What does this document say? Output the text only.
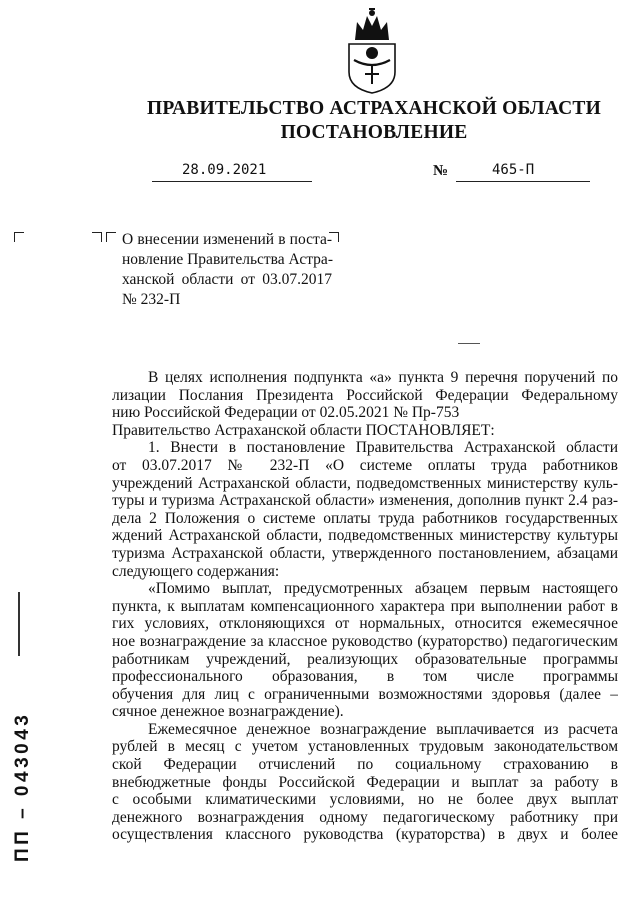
ПРАВИТЕЛЬСТВО АСТРАХАНСКОЙ ОБЛАСТИ
ПОСТАНОВЛЕНИЕ
28.09.2021	№	465-П
О внесении изменений в поста-
новление Правительства Астра-
ханской области от 03.07.2017
№ 232-П
В целях исполнения подпункта «а» пункта 9 перечня поручений по
лизации Послания Президента Российской Федерации Федеральному
нию Российской Федерации от 02.05.2021 № Пр-753
Правительство Астраханской области ПОСТАНОВЛЯЕТ:
1. Внести в постановление Правительства Астраханской области
от 03.07.2017 № 232-П «О системе оплаты труда работников
учреждений Астраханской области, подведомственных министерству куль-
туры и туризма Астраханской области» изменения, дополнив пункт 2.4 раз-
дела 2 Положения о системе оплаты труда работников государственных
ждений Астраханской области, подведомственных министерству культуры
туризма Астраханской области, утвержденного постановлением, абзацами
следующего содержания:
«Помимо выплат, предусмотренных абзацем первым настоящего
пункта, к выплатам компенсационного характера при выполнении работ в
гих условиях, отклоняющихся от нормальных, относится ежемесячное
ное вознаграждение за классное руководство (кураторство) педагогическим
работникам учреждений, реализующих образовательные программы
профессионального образования, в том числе программы
обучения для лиц с ограниченными возможностями здоровья (далее –
сячное денежное вознаграждение).
Ежемесячное денежное вознаграждение выплачивается из расчета
рублей в месяц с учетом установленных трудовым законодательством
ской Федерации отчислений по социальному страхованию в
внебюджетные фонды Российской Федерации и выплат за работу в
с особыми климатическими условиями, но не более двух выплат
денежного вознаграждения одному педагогическому работнику при
осуществления классного руководства (кураторства) в двух и более
ПП – 043043
